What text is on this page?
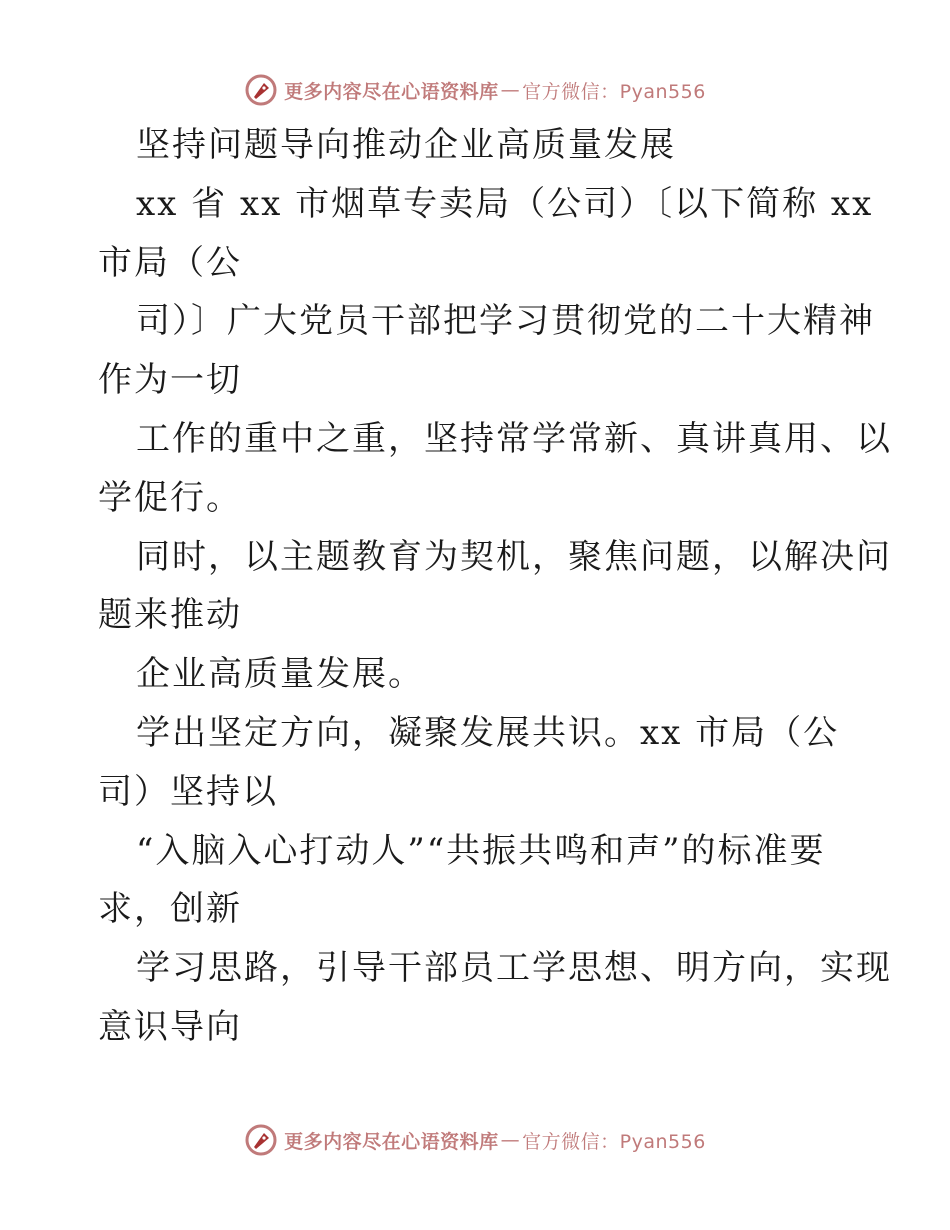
更多内容尽在心语资料库 — 官方微信：Pyan556
坚持问题导向推动企业高质量发展
xx 省 xx 市烟草专卖局（公司）〔以下简称 xx
市局（公
司）〕广大党员干部把学习贯彻党的二十大精神
作为一切
工作的重中之重，坚持常学常新、真讲真用、以
学促行。
同时，以主题教育为契机，聚焦问题，以解决问
题来推动
企业高质量发展。
学出坚定方向，凝聚发展共识。xx 市局（公
司）坚持以
“入脑入心打动人”“共振共鸣和声”的标准要
求，创新
学习思路，引导干部员工学思想、明方向，实现
意识导向
更多内容尽在心语资料库 — 官方微信：Pyan556
